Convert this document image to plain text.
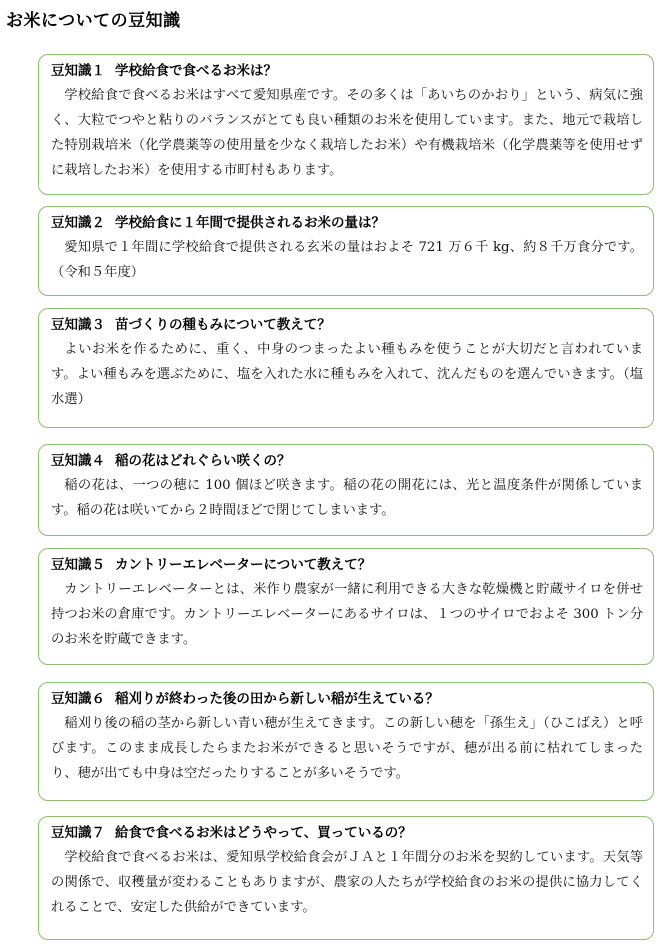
お米についての豆知識
豆知識１ 学校給食で食べるお米は？

学校給食で食べるお米はすべて愛知県産です。その多くは「あいちのかおり」という、病気に強く、大粒でつやと粘りのバランスがとても良い種類のお米を使用しています。また、地元で栽培した特別栽培米（化学農薬等の使用量を少なく栽培したお米）や有機栽培米（化学農薬等を使用せずに栽培したお米）を使用する市町村もあります。

豆知識２ 学校給食に１年間で提供されるお米の量は？

愛知県で１年間に学校給食で提供される玄米の量はおよそ 721 万６千 kg、約８千万食分です。（令和５年度）

豆知識３ 苗づくりの種もみについて教えて？

よいお米を作るために、重く、中身のつまったよい種もみを使うことが大切だと言われています。よい種もみを選ぶために、塩を入れた水に種もみを入れて、沈んだものを選んでいきます。（塩水選）

豆知識４ 稲の花はどれぐらい咲くの？

稲の花は、一つの穂に 100 個ほど咲きます。稲の花の開花には、光と温度条件が関係しています。稲の花は咲いてから２時間ほどで閉じてしまいます。

豆知識５ カントリーエレベーターについて教えて？

カントリーエレベーターとは、米作り農家が一緒に利用できる大きな乾燥機と貯蔵サイロを併せ持つお米の倉庫です。カントリーエレベーターにあるサイロは、１つのサイロでおよそ 300 トン分のお米を貯蔵できます。

豆知識６ 稲刈りが終わった後の田から新しい稲が生えている？

稲刈り後の稲の茎から新しい青い穂が生えてきます。この新しい穂を「孫生え」（ひこばえ）と呼びます。このまま成長したらまたお米ができると思いそうですが、穂が出る前に枯れてしまったり、穂が出ても中身は空だったりすることが多いそうです。

豆知識７ 給食で食べるお米はどうやって、買っているの？

学校給食で食べるお米は、愛知県学校給食会がＪＡと１年間分のお米を契約しています。天気等の関係で、収穫量が変わることもありますが、農家の人たちが学校給食のお米の提供に協力してくれることで、安定した供給ができています。
